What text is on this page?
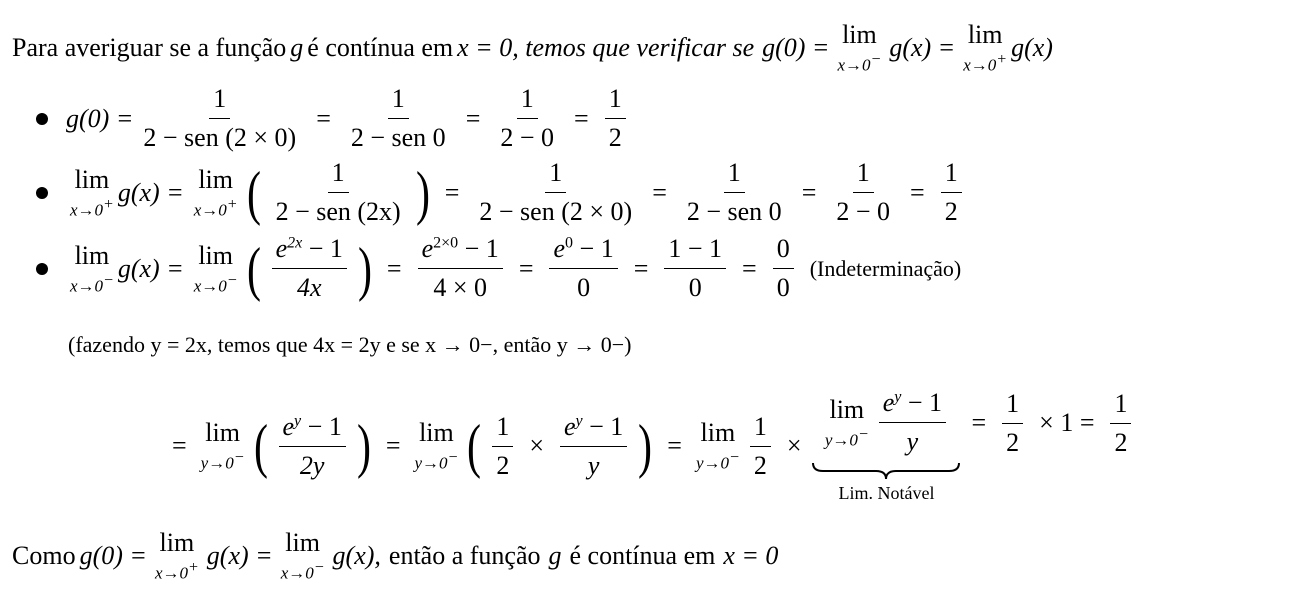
Para averiguar se a função g é contínua em x = 0, temos que verificar se g(0) = lim
x→0− g(x) = lim
x→0+ g(x)
$g(0) = \frac{1}{\text{2 − sen (2 × 0)}} = \frac{1}{\text{2 − sen 0}} = \frac{1}{2 - 0} = \frac{1}{2}$
lim
x→0+ g(x) = lim
x→0+ ( $\frac{1}{\text{2 − sen (2x)}}$ ) = $\frac{1}{\text{2 − sen (2 × 0)}} = \frac{1}{\text{2 − sen 0}} = \frac{1}{2 - 0} = \frac{1}{2}$
lim
x→0− g(x) = lim
x→0− ( $\frac{e^{2x} - 1}{4x}$ ) = $\frac{e^{2\times 0} - 1}{4 \times 0} = \frac{e^0 - 1}{0} = \frac{1 - 1}{0} = \frac{0}{0}$ (Indeterminação)
(fazendo y = 2x, temos que 4x = 2y e se x → 0−, então y → 0−)
= lim
y→0− ( $\frac{e^y - 1}{2y}$ ) = lim
y→0− ( $\frac{1}{2} \times \frac{e^y - 1}{y}$ ) = lim
$y\to 0^- \frac{1}{2}$ ×
lim
$y\to 0^- \frac{e^y - 1}{y}$
Lim. Notável
= $\frac{1}{2} \times 1 = \frac{1}{2}$
Como g(0) = lim
x→0+ g(x) = lim
x→0− g(x), então a função g é contínua em x = 0
